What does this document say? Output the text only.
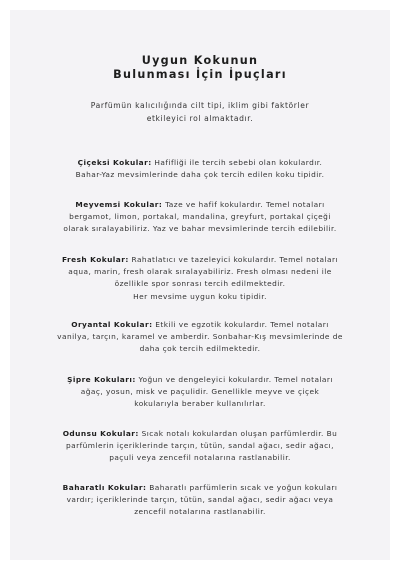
Uygun Kokunun
Bulunması İçin İpuçları

Parfümün kalıcılığında cilt tipi, iklim gibi faktörler
etkileyici rol almaktadır.

Çiçeksi Kokular: Hafifliği ile tercih sebebi olan kokulardır.
Bahar-Yaz mevsimlerinde daha çok tercih edilen koku tipidir.

Meyvemsi Kokular: Taze ve hafif kokulardır. Temel notaları
bergamot, limon, portakal, mandalina, greyfurt, portakal çiçeği
olarak sıralayabiliriz. Yaz ve bahar mevsimlerinde tercih edilebilir.

Fresh Kokular: Rahatlatıcı ve tazeleyici kokulardır. Temel notaları
aqua, marin, fresh olarak sıralayabiliriz. Fresh olması nedeni ile
özellikle spor sonrası tercih edilmektedir.
Her mevsime uygun koku tipidir.

Oryantal Kokular: Etkili ve egzotik kokulardır. Temel notaları
vanilya, tarçın, karamel ve amberdir. Sonbahar-Kış mevsimlerinde de
daha çok tercih edilmektedir.

Şipre Kokuları: Yoğun ve dengeleyici kokulardır. Temel notaları
ağaç, yosun, misk ve paçulidir. Genellikle meyve ve çiçek
kokularıyla beraber kullanılırlar.

Odunsu Kokular: Sıcak notalı kokulardan oluşan parfümlerdir. Bu
parfümlerin içeriklerinde tarçın, tütün, sandal ağacı, sedir ağacı,
paçuli veya zencefil notalarına rastlanabilir.

Baharatlı Kokular: Baharatlı parfümlerin sıcak ve yoğun kokuları
vardır; içeriklerinde tarçın, tütün, sandal ağacı, sedir ağacı veya
zencefil notalarına rastlanabilir.
